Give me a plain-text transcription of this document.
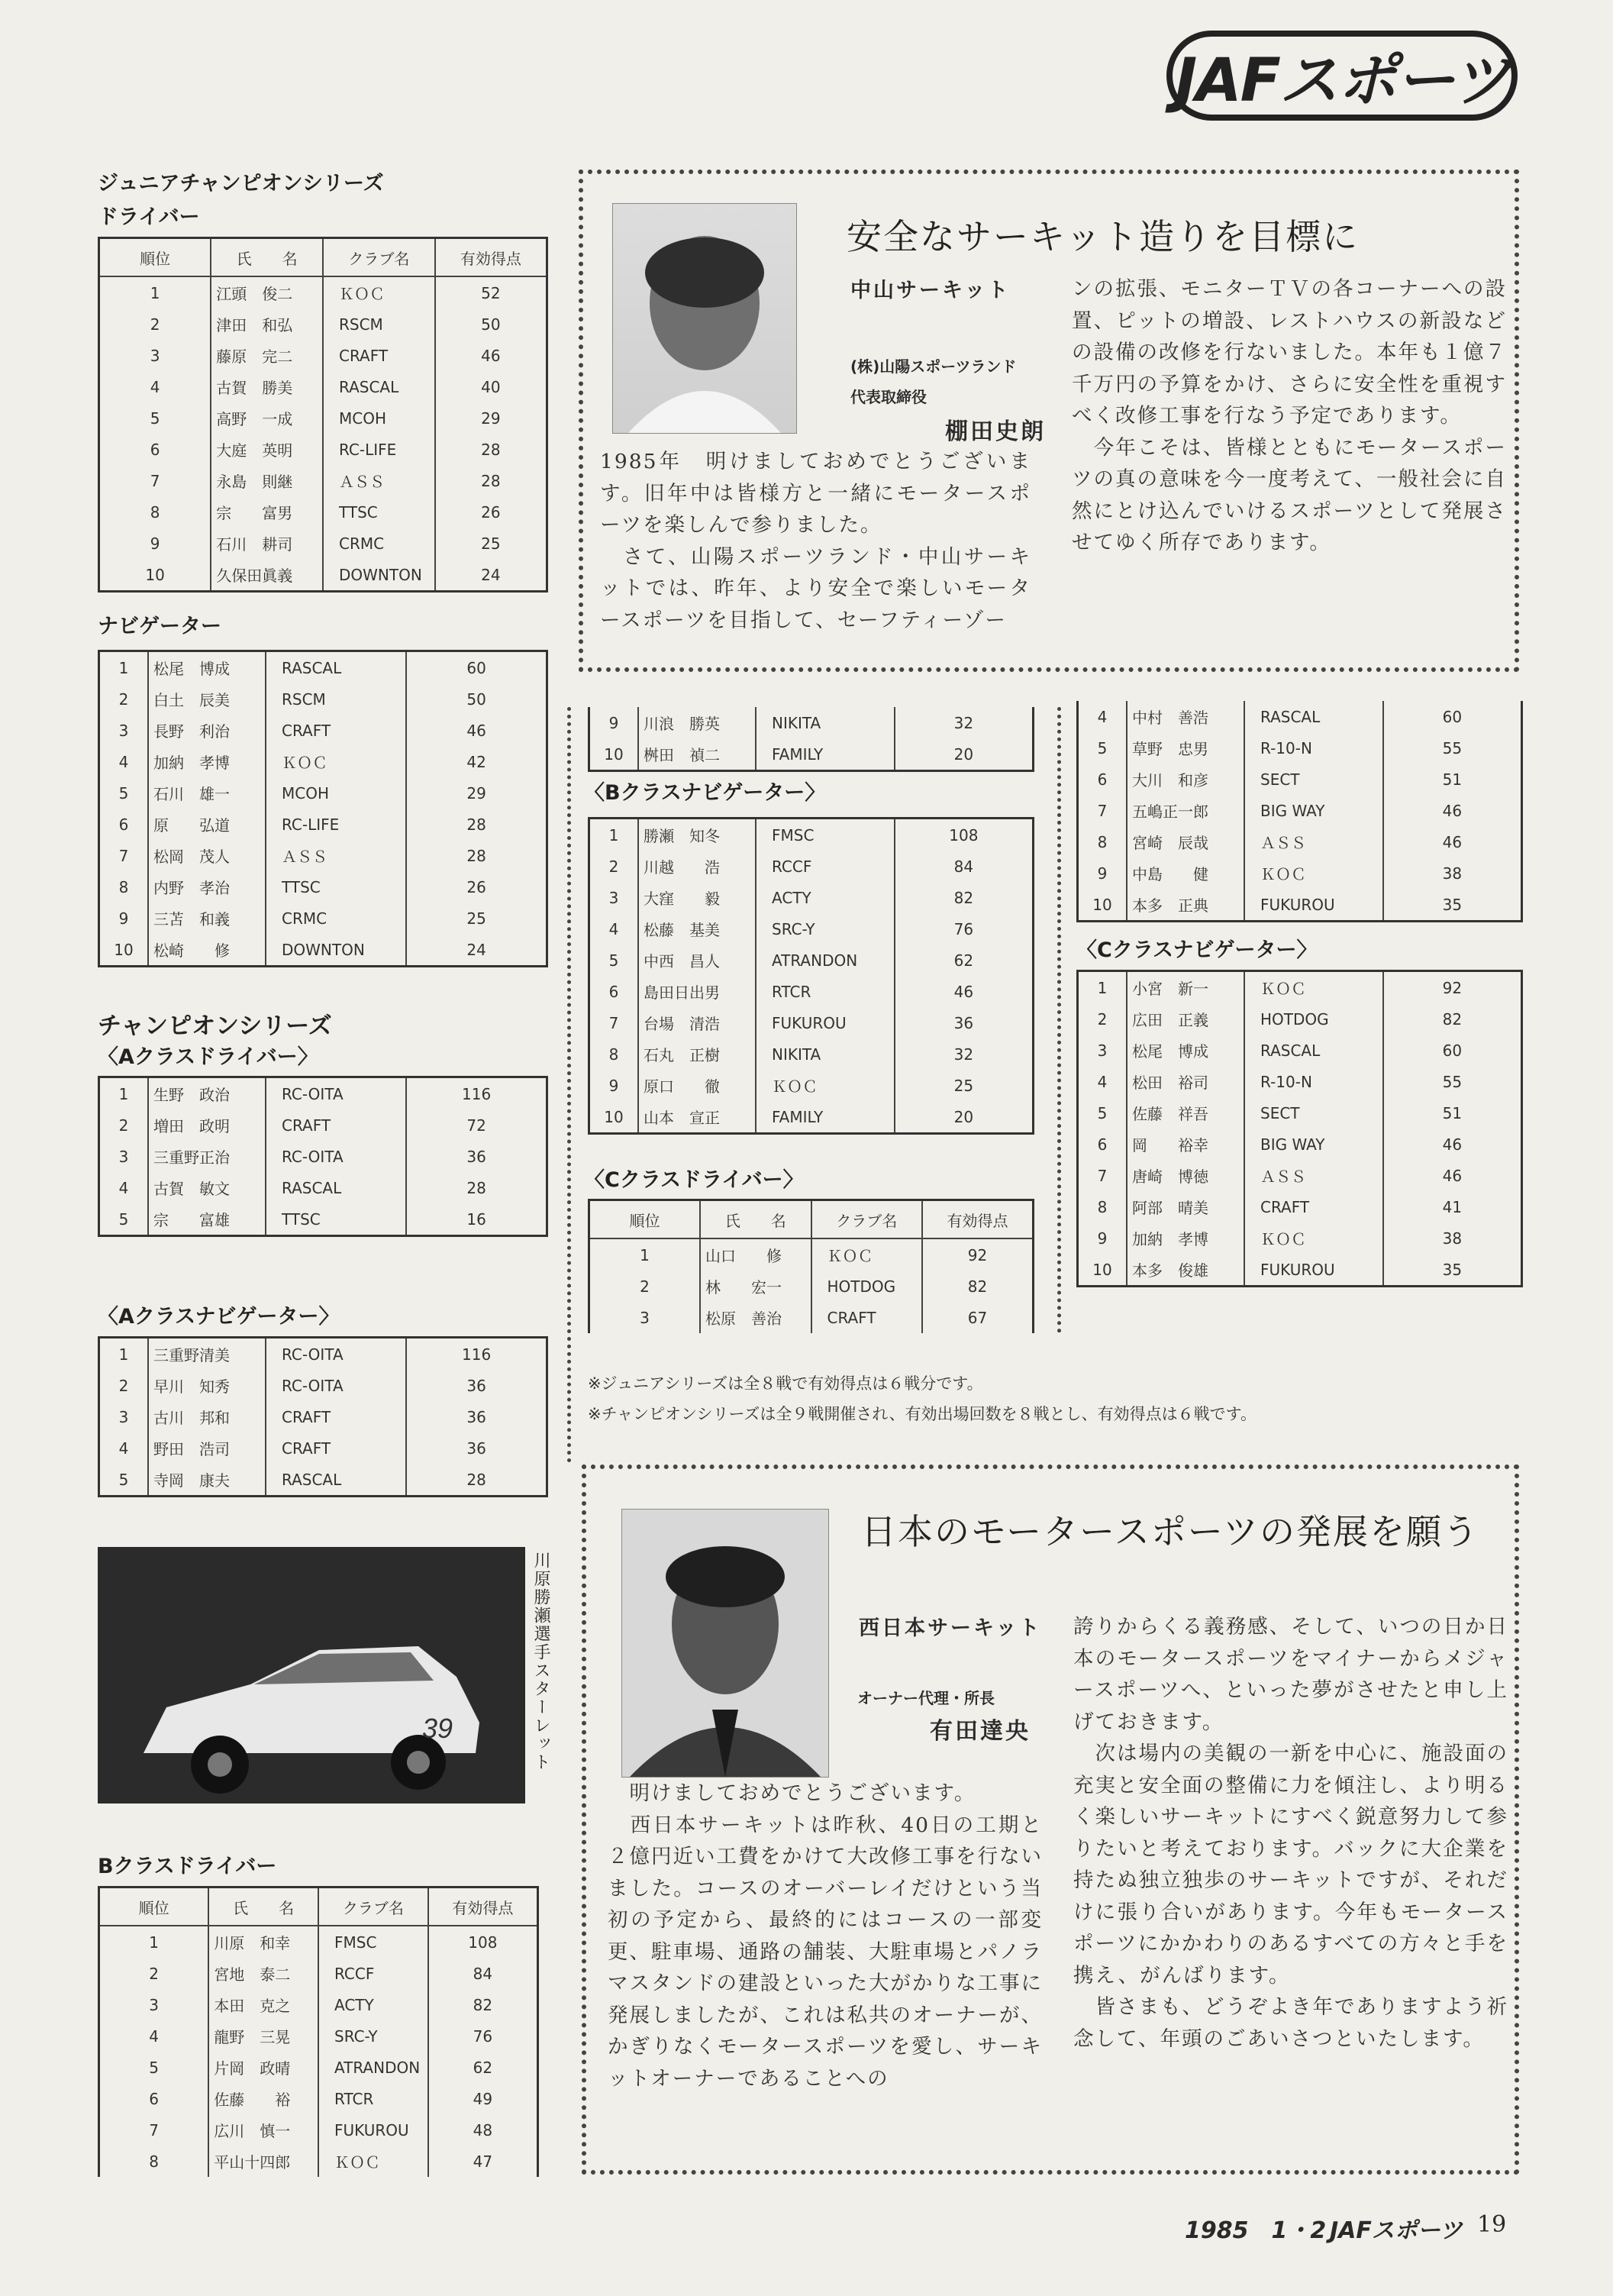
JAFスポーツ
ジュニアチャンピオンシリーズ
ドライバー
順位	氏　　名	クラブ名	有効得点
1	江頭　俊二	ＫＯＣ	52
2	津田　和弘	RSCM	50
3	藤原　完二	CRAFT	46
4	古賀　勝美	RASCAL	40
5	高野　一成	MCOH	29
6	大庭　英明	RC-LIFE	28
7	永島　則継	ＡＳＳ	28
8	宗　　富男	TTSC	26
9	石川　耕司	CRMC	25
10	久保田眞義	DOWNTON	24
ナビゲーター
1	松尾　博成	RASCAL	60
2	白土　辰美	RSCM	50
3	長野　利治	CRAFT	46
4	加納　孝博	ＫＯＣ	42
5	石川　雄一	MCOH	29
6	原　　弘道	RC-LIFE	28
7	松岡　茂人	ＡＳＳ	28
8	内野　孝治	TTSC	26
9	三苫　和義	CRMC	25
10	松崎　　修	DOWNTON	24
チャンピオンシリーズ
〈Aクラスドライバー〉
1	生野　政治	RC-OITA	116
2	増田　政明	CRAFT	72
3	三重野正治	RC-OITA	36
4	古賀　敏文	RASCAL	28
5	宗　　富雄	TTSC	16
〈Aクラスナビゲーター〉
1	三重野清美	RC-OITA	116
2	早川　知秀	RC-OITA	36
3	古川　邦和	CRAFT	36
4	野田　浩司	CRAFT	36
5	寺岡　康夫	RASCAL	28
39	川原勝瀬選手スターレット
Bクラスドライバー
順位	氏　　名	クラブ名	有効得点
1	川原　和幸	FMSC	108
2	宮地　泰二	RCCF	84
3	本田　克之	ACTY	82
4	龍野　三晃	SRC-Y	76
5	片岡　政晴	ATRANDON	62
6	佐藤　　裕	RTCR	49
7	広川　慎一	FUKUROU	48
8	平山十四郎	ＫＯＣ	47
9	川浪　勝英	NIKITA	32
10	桝田　禎二	FAMILY	20
〈Bクラスナビゲーター〉
1	勝瀬　知冬	FMSC	108
2	川越　　浩	RCCF	84
3	大窪　　毅	ACTY	82
4	松藤　基美	SRC-Y	76
5	中西　昌人	ATRANDON	62
6	島田日出男	RTCR	46
7	台場　清浩	FUKUROU	36
8	石丸　正樹	NIKITA	32
9	原口　　徹	ＫＯＣ	25
10	山本　宣正	FAMILY	20
〈Cクラスドライバー〉
順位	氏　　名	クラブ名	有効得点
1	山口　　修	ＫＯＣ	92
2	林　　宏一	HOTDOG	82
3	松原　善治	CRAFT	67
4	中村　善浩	RASCAL	60
5	草野　忠男	R-10-N	55
6	大川　和彦	SECT	51
7	五嶋正一郎	BIG WAY	46
8	宮崎　辰哉	ＡＳＳ	46
9	中島　　健	ＫＯＣ	38
10	本多　正典	FUKUROU	35
〈Cクラスナビゲーター〉
1	小宮　新一	ＫＯＣ	92
2	広田　正義	HOTDOG	82
3	松尾　博成	RASCAL	60
4	松田　裕司	R-10-N	55
5	佐藤　祥吾	SECT	51
6	岡　　裕幸	BIG WAY	46
7	唐崎　博徳	ＡＳＳ	46
8	阿部　晴美	CRAFT	41
9	加納　孝博	ＫＯＣ	38
10	本多　俊雄	FUKUROU	35
※ジュニアシリーズは全８戦で有効得点は６戦分です。
※チャンピオンシリーズは全９戦開催され、有効出場回数を８戦とし、有効得点は６戦です。
安全なサーキット造りを目標に
中山サーキット
(株)山陽スポーツランド
代表取締役
棚田史朗
1985年　明けましておめでとうございます。旧年中は皆様方と一緒にモータースポーツを楽しんで参りました。
　さて、山陽スポーツランド・中山サーキットでは、昨年、より安全で楽しいモータースポーツを目指して、セーフティーゾー
ンの拡張、モニターＴＶの各コーナーへの設置、ピットの増設、レストハウスの新設などの設備の改修を行ないました。本年も１億７千万円の予算をかけ、さらに安全性を重視すべく改修工事を行なう予定であります。
　今年こそは、皆様とともにモータースポーツの真の意味を今一度考えて、一般社会に自然にとけ込んでいけるスポーツとして発展させてゆく所存であります。
日本のモータースポーツの発展を願う
西日本サーキット
オーナー代理・所長
有田達央
　明けましておめでとうございます。
　西日本サーキットは昨秋、40日の工期と２億円近い工費をかけて大改修工事を行ないました。コースのオーバーレイだけという当初の予定から、最終的にはコースの一部変更、駐車場、通路の舗装、大駐車場とパノラマスタンドの建設といった大がかりな工事に発展しましたが、これは私共のオーナーが、かぎりなくモータースポーツを愛し、サーキットオーナーであることへの
誇りからくる義務感、そして、いつの日か日本のモータースポーツをマイナーからメジャースポーツへ、といった夢がさせたと申し上げておきます。
　次は場内の美観の一新を中心に、施設面の充実と安全面の整備に力を傾注し、より明るく楽しいサーキットにすべく鋭意努力して参りたいと考えております。バックに大企業を持たぬ独立独歩のサーキットですが、それだけに張り合いがあります。今年もモータースポーツにかかわりのあるすべての方々と手を携え、がんばります。
　皆さまも、どうぞよき年でありますよう祈念して、年頭のごあいさつといたします。
1985　1・2 JAFスポーツ 19
